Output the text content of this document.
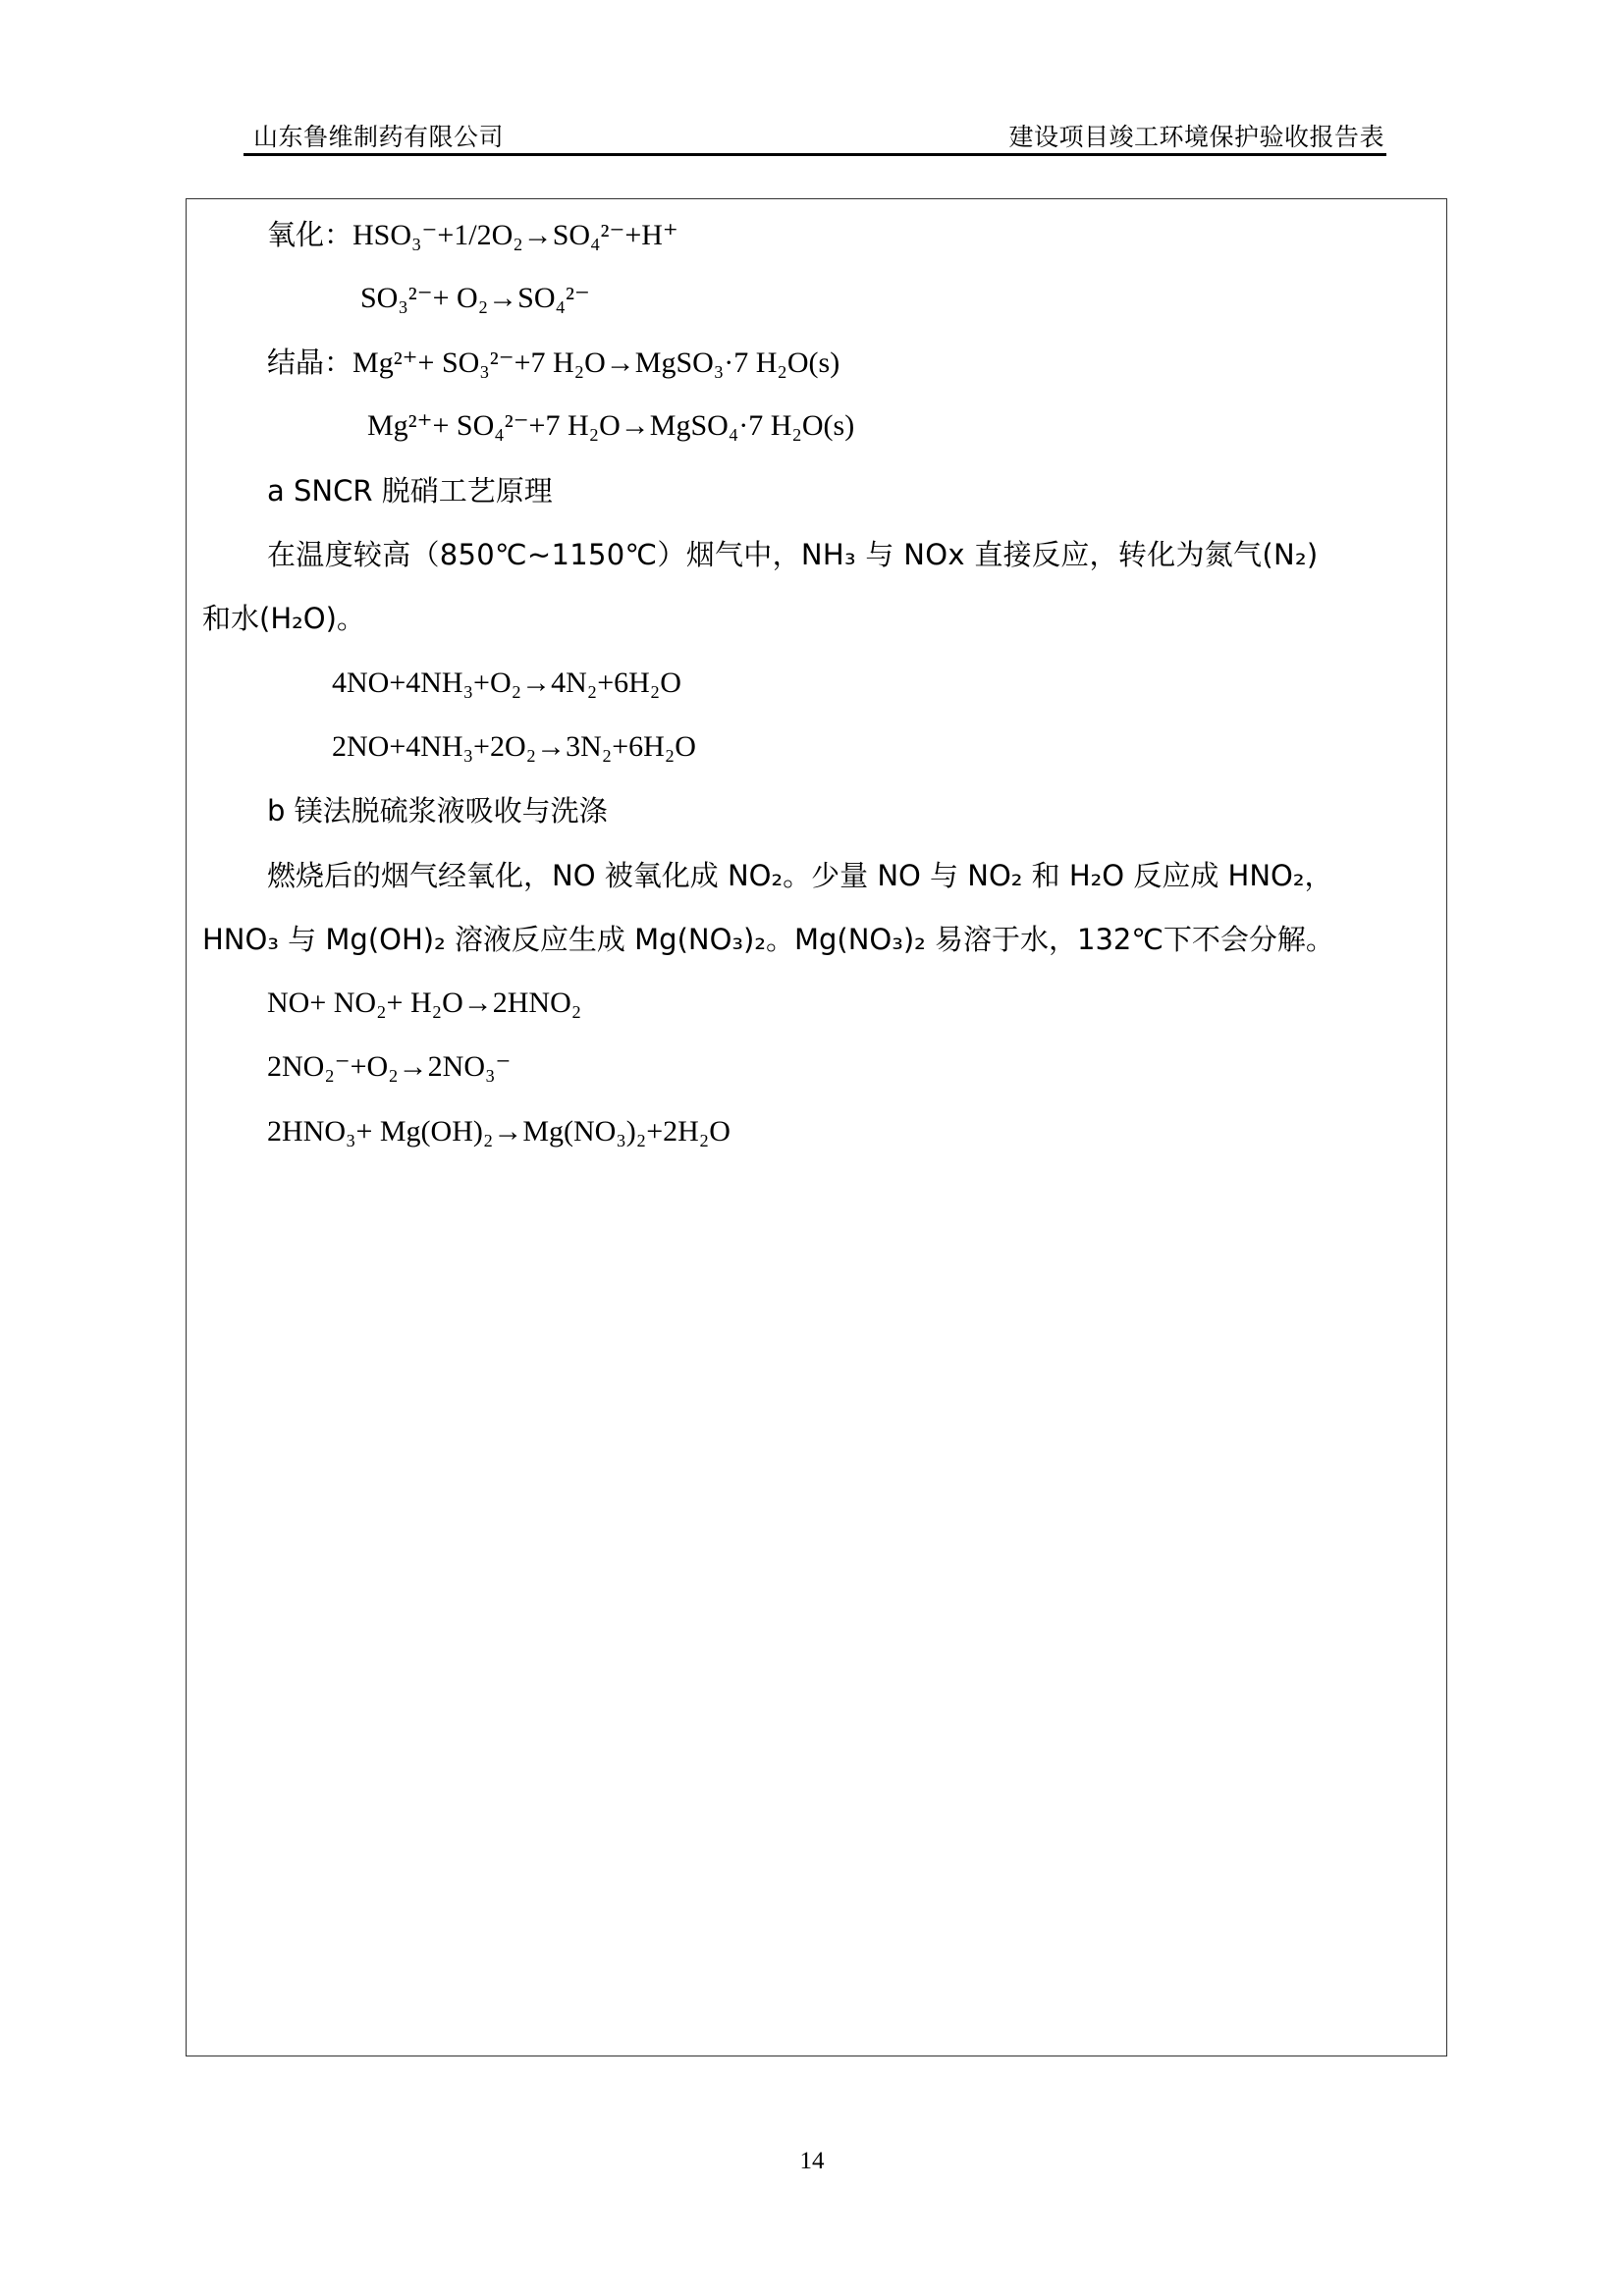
山东鲁维制药有限公司	建设项目竣工环境保护验收报告表
氧化：HSO₃⁻+1/2O₂→SO₄²⁻+H⁺
SO₃²⁻+ O₂→SO₄²⁻
结晶：Mg²⁺+ SO₃²⁻+7 H₂O→MgSO₃·7 H₂O(s)
Mg²⁺+ SO₄²⁻+7 H₂O→MgSO₄·7 H₂O(s)
a SNCR 脱硝工艺原理
在温度较高（850℃~1150℃）烟气中，NH₃ 与 NOx 直接反应，转化为氮气(N₂)
和水(H₂O)。
4NO+4NH₃+O₂→4N₂+6H₂O
2NO+4NH₃+2O₂→3N₂+6H₂O
b 镁法脱硫浆液吸收与洗涤
燃烧后的烟气经氧化，NO 被氧化成 NO₂。少量 NO 与 NO₂ 和 H₂O 反应成 HNO₂，
HNO₃ 与 Mg(OH)₂ 溶液反应生成 Mg(NO₃)₂。Mg(NO₃)₂ 易溶于水，132℃下不会分解。
NO+ NO₂+ H₂O→2HNO₂
2NO₂⁻+O₂→2NO₃⁻
2HNO₃+ Mg(OH)₂→Mg(NO₃)₂+2H₂O
14
